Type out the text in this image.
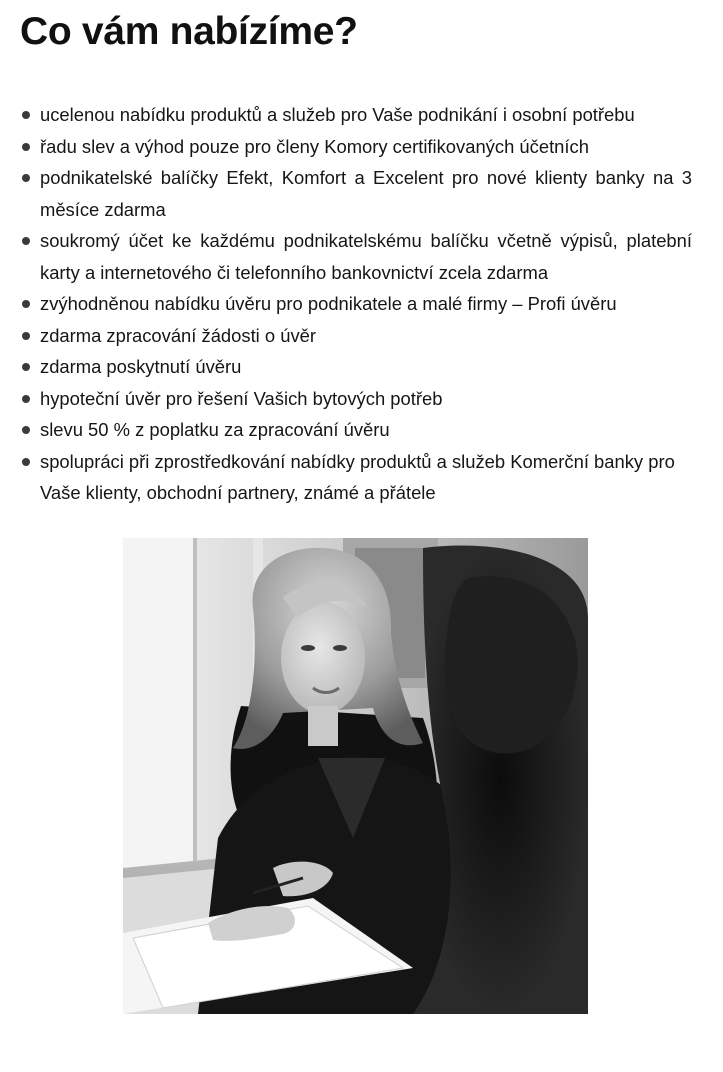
Co vám nabízíme?
ucelenou nabídku produktů a služeb pro Vaše podnikání i osobní potřebu
řadu slev a výhod pouze pro členy Komory certifikovaných účetních
podnikatelské balíčky Efekt, Komfort a Excelent pro nové klienty banky na 3 měsíce zdarma
soukromý účet ke každému podnikatelskému balíčku včetně výpisů, platební karty a internetového či telefonního bankovnictví zcela zdarma
zvýhodněnou nabídku úvěru pro podnikatele a malé firmy – Profi úvěru
zdarma zpracování žádosti o úvěr
zdarma poskytnutí úvěru
hypoteční úvěr pro řešení Vašich bytových potřeb
slevu 50 % z poplatku za zpracování úvěru
spolupráci při zprostředkování nabídky produktů a služeb Komerční banky pro Vaše klienty, obchodní partnery, známé a přátele
